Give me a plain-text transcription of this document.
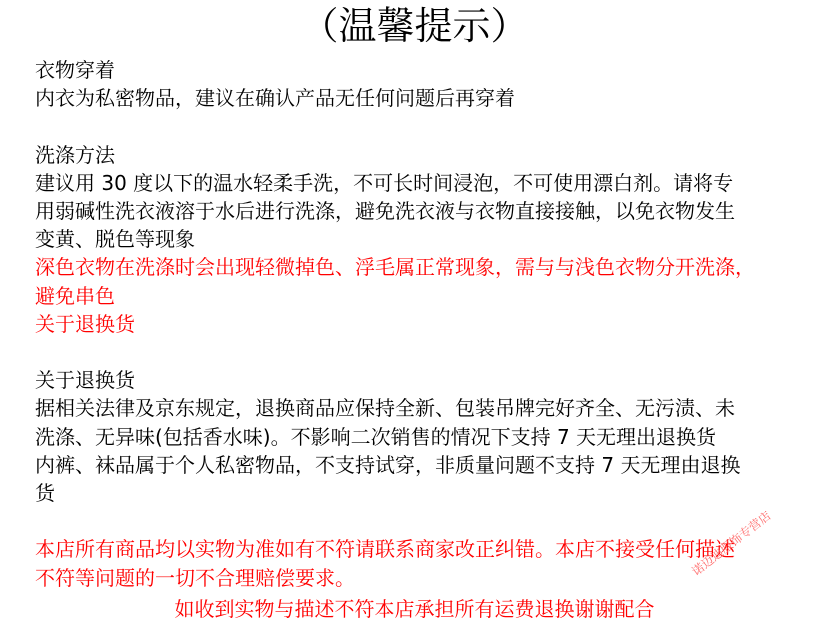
（温馨提示）
衣物穿着
内衣为私密物品，建议在确认产品无任何问题后再穿着
洗涤方法
建议用 30 度以下的温水轻柔手洗，不可长时间浸泡，不可使用漂白剂。请将专
用弱碱性洗衣液溶于水后进行洗涤，避免洗衣液与衣物直接接触，以免衣物发生
变黄、脱色等现象
深色衣物在洗涤时会出现轻微掉色、浮毛属正常现象，需与与浅色衣物分开洗涤，
避免串色
关于退换货
关于退换货
据相关法律及京东规定，退换商品应保持全新、包装吊牌完好齐全、无污渍、未
洗涤、无异味(包括香水味)。不影响二次销售的情况下支持 7 天无理出退换货
内裤、袜品属于个人私密物品，不支持试穿，非质量问题不支持 7 天无理由退换
货
本店所有商品均以实物为准如有不符请联系商家改正纠错。本店不接受任何描述
不符等问题的一切不合理赔偿要求。
如收到实物与描述不符本店承担所有运费退换谢谢配合
诺迈迪服饰专营店
